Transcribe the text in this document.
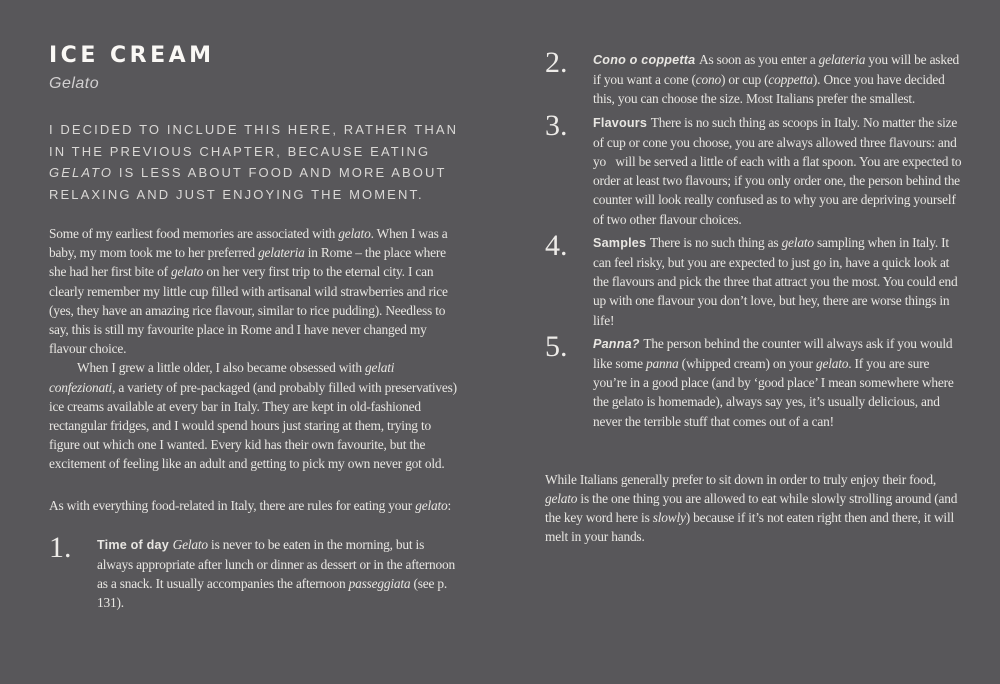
ICE CREAM
Gelato

I DECIDED TO INCLUDE THIS HERE, RATHER THAN IN THE PREVIOUS CHAPTER, BECAUSE EATING GELATO IS LESS ABOUT FOOD AND MORE ABOUT RELAXING AND JUST ENJOYING THE MOMENT.

Some of my earliest food memories are associated with gelato. When I was a baby, my mom took me to her preferred gelateria in Rome – the place where she had her first bite of gelato on her very first trip to the eternal city. I can clearly remember my little cup filled with artisanal wild strawberries and rice (yes, they have an amazing rice flavour, similar to rice pudding). Needless to say, this is still my favourite place in Rome and I have never changed my flavour choice.

When I grew a little older, I also became obsessed with gelati confezionati, a variety of pre-packaged (and probably filled with preservatives) ice creams available at every bar in Italy. They are kept in old-fashioned rectangular fridges, and I would spend hours just staring at them, trying to figure out which one I wanted. Every kid has their own favourite, but the excitement of feeling like an adult and getting to pick my own never got old.

As with everything food-related in Italy, there are rules for eating your gelato:

1.	Time of day Gelato is never to be eaten in the morning, but is always appropriate after lunch or dinner as dessert or in the afternoon as a snack. It usually accompanies the afternoon passeggiata (see p. 131).
2.	Cono o coppetta As soon as you enter a gelateria you will be asked if you want a cone (cono) or cup (coppetta). Once you have decided this, you can choose the size. Most Italians prefer the smallest.
3.	Flavours There is no such thing as scoops in Italy. No matter the size of cup or cone you choose, you are always allowed three flavours: and yo   will be served a little of each with a flat spoon. You are expected to order at least two flavours; if you only order one, the person behind the counter will look really confused as to why you are depriving yourself of two other flavour choices.
4.	Samples There is no such thing as gelato sampling when in Italy. It can feel risky, but you are expected to just go in, have a quick look at the flavours and pick the three that attract you the most. You could end up with one flavour you don’t love, but hey, there are worse things in life!
5.	Panna? The person behind the counter will always ask if you would like some panna (whipped cream) on your gelato. If you are sure you’re in a good place (and by ‘good place’ I mean somewhere where the gelato is homemade), always say yes, it’s usually delicious, and never the terrible stuff that comes out of a can!

While Italians generally prefer to sit down in order to truly enjoy their food, gelato is the one thing you are allowed to eat while slowly strolling around (and the key word here is slowly) because if it’s not eaten right then and there, it will melt in your hands.
